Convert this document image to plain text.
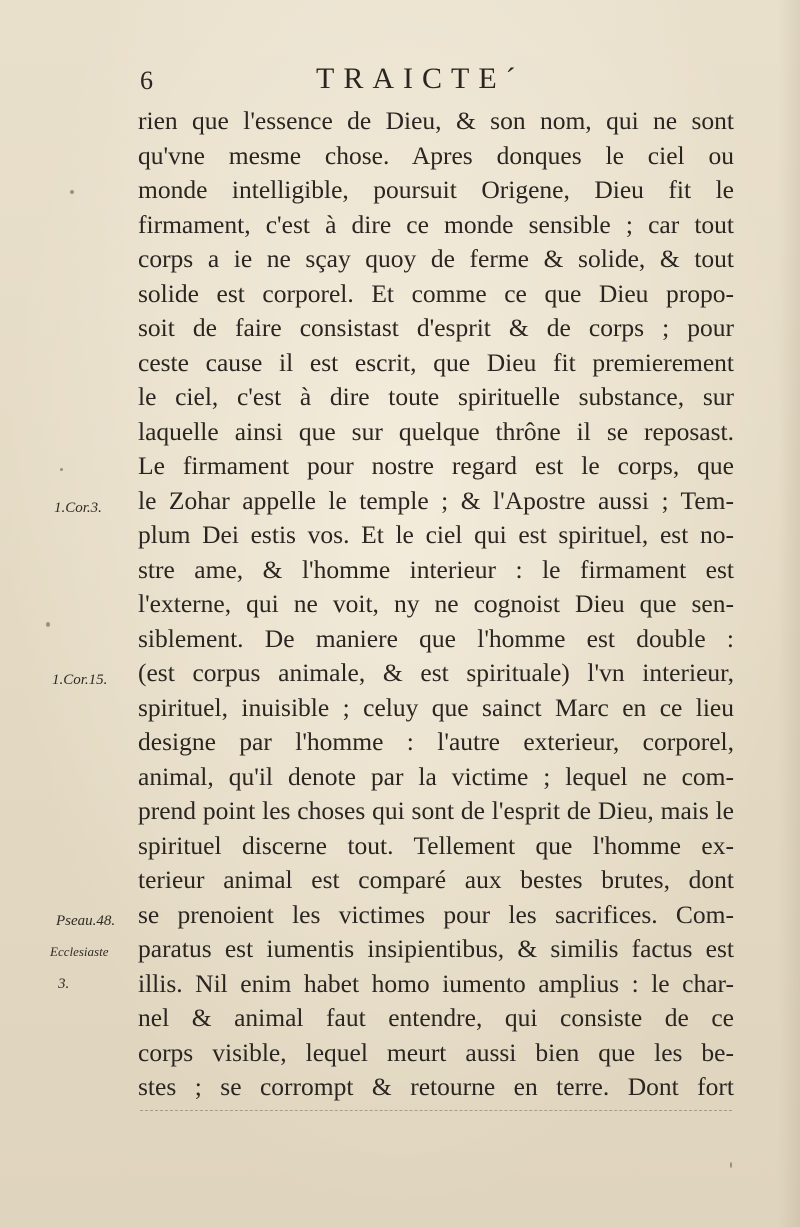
6	TRAICTE´
1.Cor.3.
1.Cor.15.
Pseau.48.
Ecclesiaste
3.
rien que l'essence de Dieu, & son nom, qui ne sont
qu'vne mesme chose. Apres donques le ciel ou
monde intelligible, poursuit Origene, Dieu fit le
firmament, c'est à dire ce monde sensible ; car tout
corps a ie ne sçay quoy de ferme & solide, & tout
solide est corporel. Et comme ce que Dieu propo-
soit de faire consistast d'esprit & de corps ; pour
ceste cause il est escrit, que Dieu fit premierement
le ciel, c'est à dire toute spirituelle substance, sur
laquelle ainsi que sur quelque thrône il se reposast.
Le firmament pour nostre regard est le corps, que
le Zohar appelle le temple ; & l'Apostre aussi ; Tem-
plum Dei estis vos. Et le ciel qui est spirituel, est no-
stre ame, & l'homme interieur : le firmament est
l'externe, qui ne voit, ny ne cognoist Dieu que sen-
siblement. De maniere que l'homme est double :
(est corpus animale, & est spirituale) l'vn interieur,
spirituel, inuisible ; celuy que sainct Marc en ce lieu
designe par l'homme : l'autre exterieur, corporel,
animal, qu'il denote par la victime ; lequel ne com-
prend point les choses qui sont de l'esprit de Dieu, mais le
spirituel discerne tout. Tellement que l'homme ex-
terieur animal est comparé aux bestes brutes, dont
se prenoient les victimes pour les sacrifices. Com-
paratus est iumentis insipientibus, & similis factus est
illis. Nil enim habet homo iumento amplius : le char-
nel & animal faut entendre, qui consiste de ce
corps visible, lequel meurt aussi bien que les be-
stes ; se corrompt & retourne en terre. Dont fort
